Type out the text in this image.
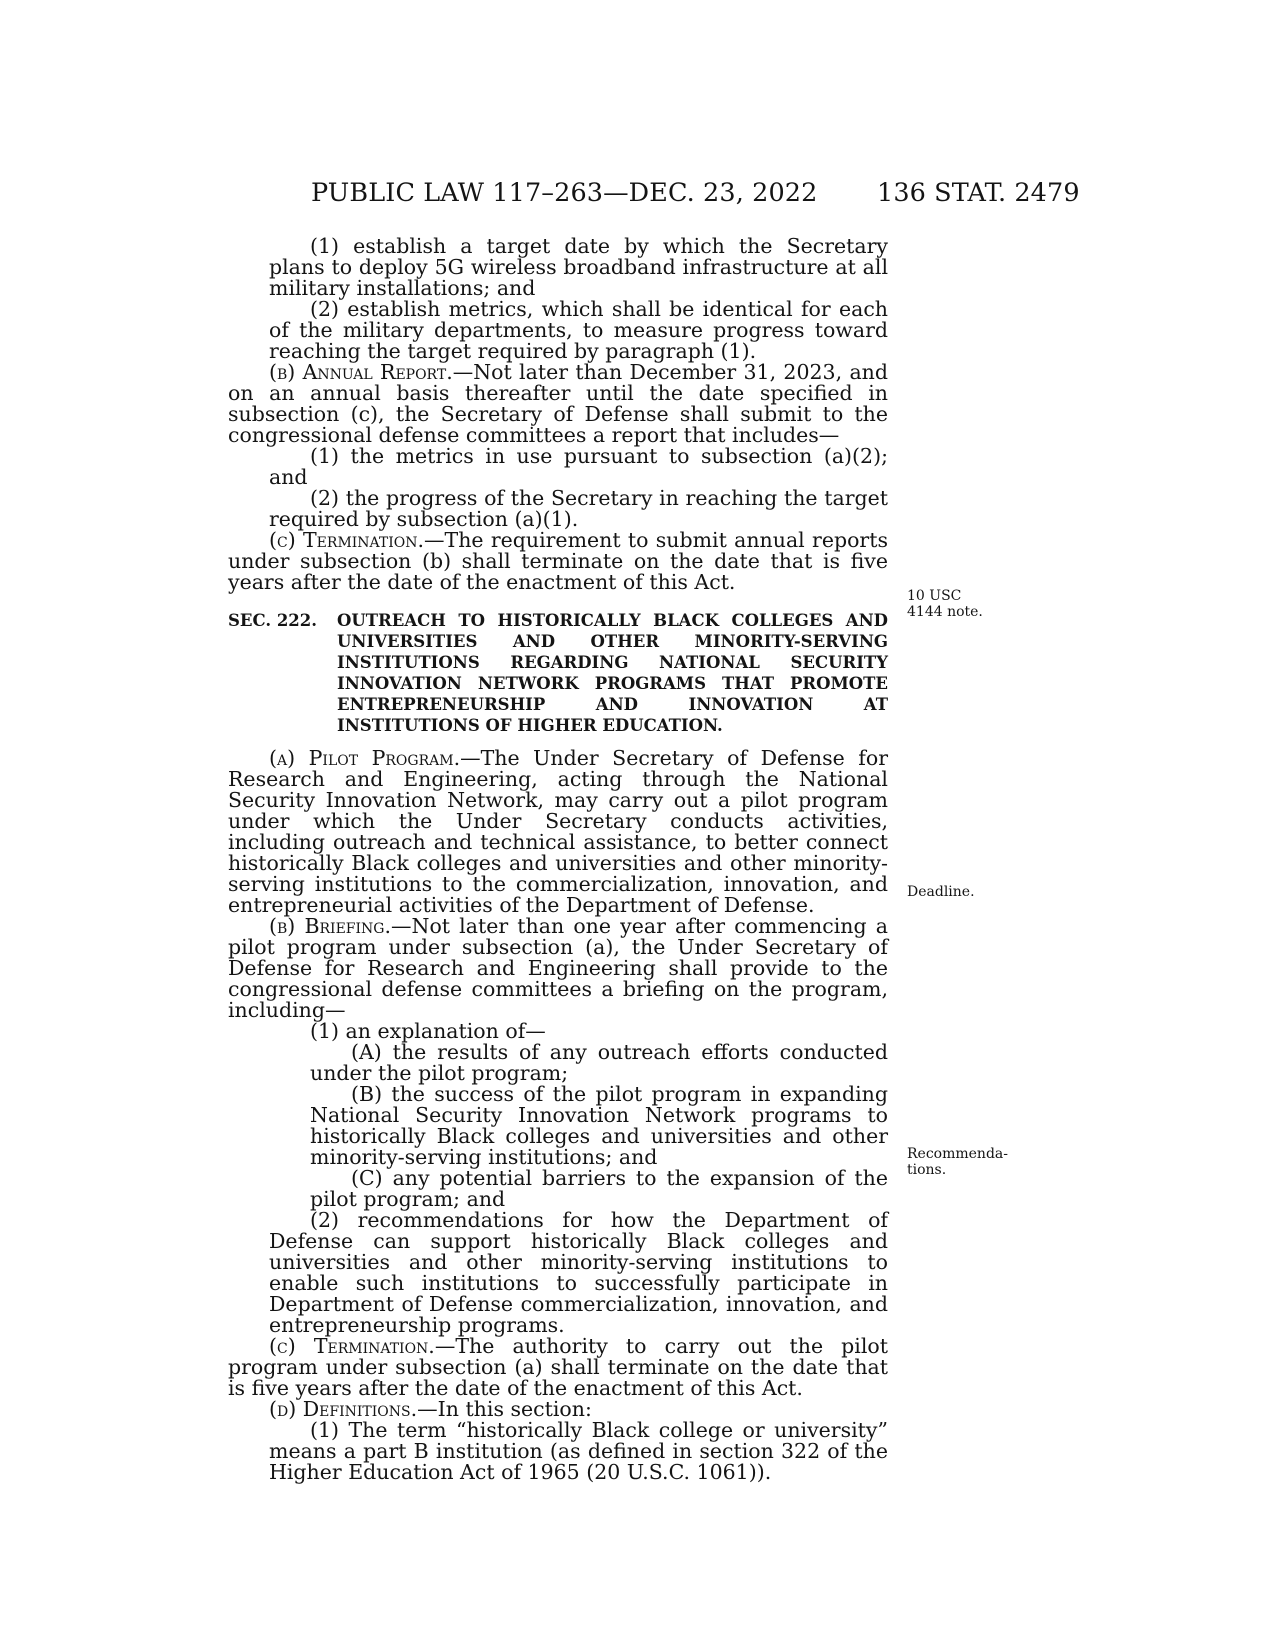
PUBLIC LAW 117–263—DEC. 23, 2022 136 STAT. 2479

(1) establish a target date by which the Secretary plans to deploy 5G wireless broadband infrastructure at all military installations; and

(2) establish metrics, which shall be identical for each of the military departments, to measure progress toward reaching the target required by paragraph (1).

(b) Annual Report.—Not later than December 31, 2023, and on an annual basis thereafter until the date specified in subsection (c), the Secretary of Defense shall submit to the congressional defense committees a report that includes—

(1) the metrics in use pursuant to subsection (a)(2); and

(2) the progress of the Secretary in reaching the target required by subsection (a)(1).

(c) Termination.—The requirement to submit annual reports under subsection (b) shall terminate on the date that is five years after the date of the enactment of this Act.

SEC. 222. OUTREACH TO HISTORICALLY BLACK COLLEGES AND UNIVERSITIES AND OTHER MINORITY-SERVING INSTITUTIONS REGARDING NATIONAL SECURITY INNOVATION NETWORK PROGRAMS THAT PROMOTE ENTREPRENEURSHIP AND INNOVATION AT INSTITUTIONS OF HIGHER EDUCATION.

(a) Pilot Program.—The Under Secretary of Defense for Research and Engineering, acting through the National Security Innovation Network, may carry out a pilot program under which the Under Secretary conducts activities, including outreach and technical assistance, to better connect historically Black colleges and universities and other minority-serving institutions to the commercialization, innovation, and entrepreneurial activities of the Department of Defense.

(b) Briefing.—Not later than one year after commencing a pilot program under subsection (a), the Under Secretary of Defense for Research and Engineering shall provide to the congressional defense committees a briefing on the program, including—

(1) an explanation of—

(A) the results of any outreach efforts conducted under the pilot program;

(B) the success of the pilot program in expanding National Security Innovation Network programs to historically Black colleges and universities and other minority-serving institutions; and

(C) any potential barriers to the expansion of the pilot program; and

(2) recommendations for how the Department of Defense can support historically Black colleges and universities and other minority-serving institutions to enable such institutions to successfully participate in Department of Defense commercialization, innovation, and entrepreneurship programs.

(c) Termination.—The authority to carry out the pilot program under subsection (a) shall terminate on the date that is five years after the date of the enactment of this Act.

(d) Definitions.—In this section:

(1) The term “historically Black college or university” means a part B institution (as defined in section 322 of the Higher Education Act of 1965 (20 U.S.C. 1061)).

10 USC 4144 note.
Deadline.
Recommenda- tions.
